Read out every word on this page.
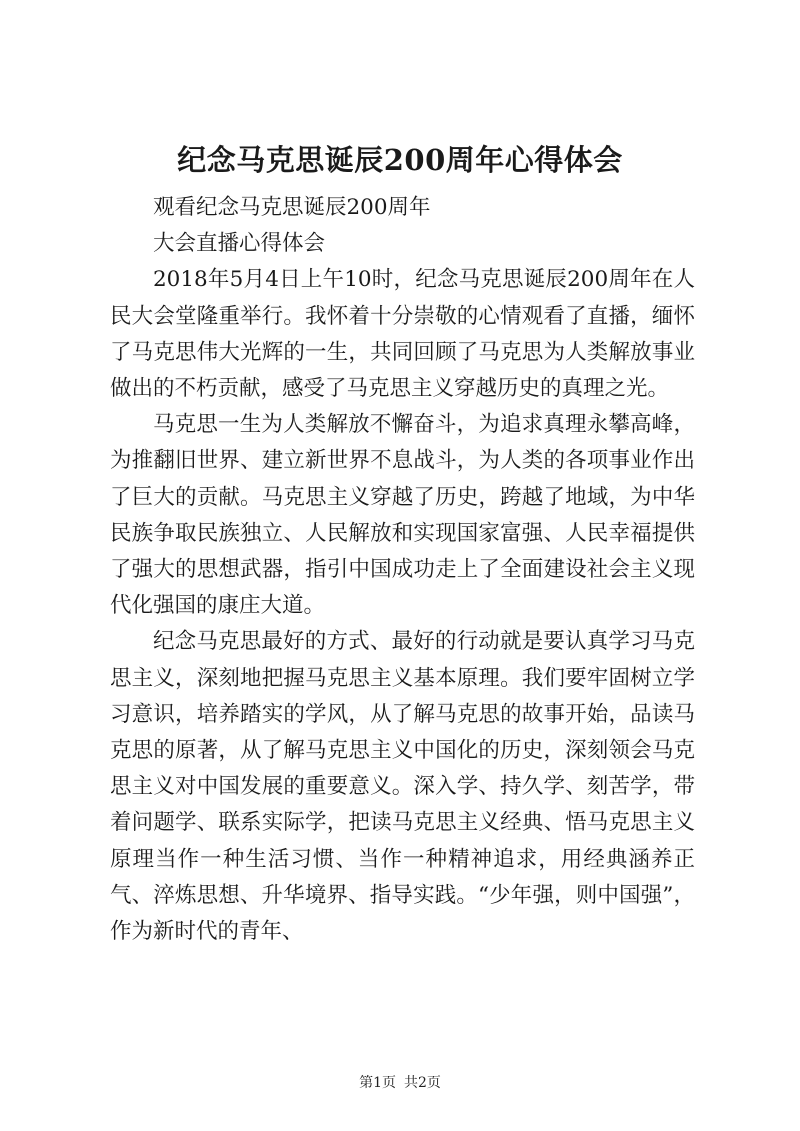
纪念马克思诞辰200周年心得体会

观看纪念马克思诞辰200周年

大会直播心得体会

2018年5月4日上午10时，纪念马克思诞辰200周年在人民大会堂隆重举行。我怀着十分崇敬的心情观看了直播，缅怀了马克思伟大光辉的一生，共同回顾了马克思为人类解放事业做出的不朽贡献，感受了马克思主义穿越历史的真理之光。

马克思一生为人类解放不懈奋斗，为追求真理永攀高峰，为推翻旧世界、建立新世界不息战斗，为人类的各项事业作出了巨大的贡献。马克思主义穿越了历史，跨越了地域，为中华民族争取民族独立、人民解放和实现国家富强、人民幸福提供了强大的思想武器，指引中国成功走上了全面建设社会主义现代化强国的康庄大道。

纪念马克思最好的方式、最好的行动就是要认真学习马克思主义，深刻地把握马克思主义基本原理。我们要牢固树立学习意识，培养踏实的学风，从了解马克思的故事开始，品读马克思的原著，从了解马克思主义中国化的历史，深刻领会马克思主义对中国发展的重要意义。深入学、持久学、刻苦学，带着问题学、联系实际学，把读马克思主义经典、悟马克思主义原理当作一种生活习惯、当作一种精神追求，用经典涵养正气、淬炼思想、升华境界、指导实践。“少年强，则中国强”，作为新时代的青年、

第1页 共2页
